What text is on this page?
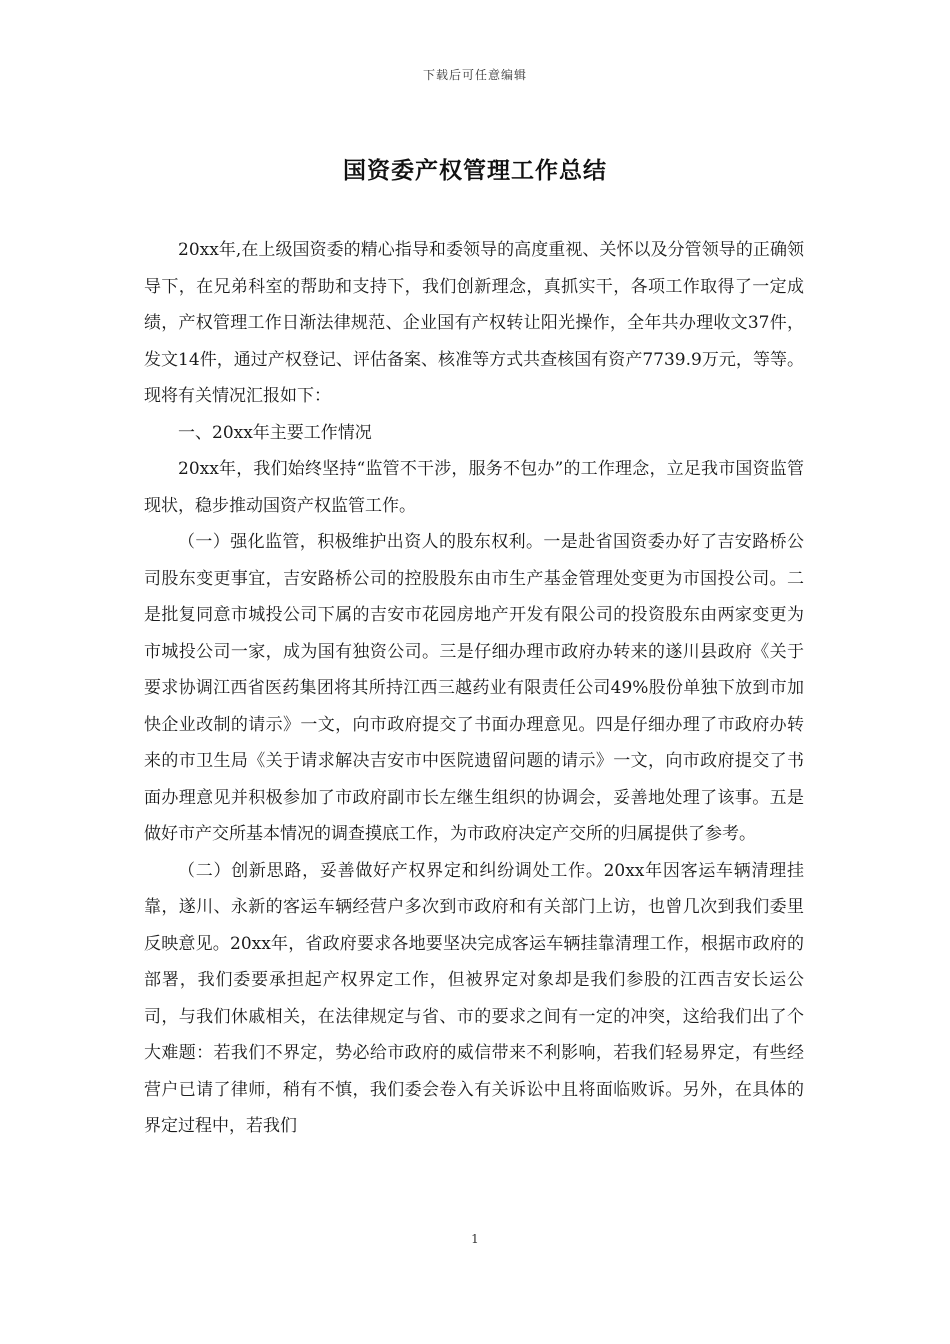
下载后可任意编辑
国资委产权管理工作总结

20xx年,在上级国资委的精心指导和委领导的高度重视、关怀以及分管领导的正确领导下，在兄弟科室的帮助和支持下，我们创新理念，真抓实干，各项工作取得了一定成绩，产权管理工作日渐法律规范、企业国有产权转让阳光操作，全年共办理收文37件，发文14件，通过产权登记、评估备案、核准等方式共查核国有资产7739.9万元，等等。现将有关情况汇报如下：

一、20xx年主要工作情况

20xx年，我们始终坚持“监管不干涉，服务不包办”的工作理念，立足我市国资监管现状，稳步推动国资产权监管工作。

（一）强化监管，积极维护出资人的股东权利。一是赴省国资委办好了吉安路桥公司股东变更事宜，吉安路桥公司的控股股东由市生产基金管理处变更为市国投公司。二是批复同意市城投公司下属的吉安市花园房地产开发有限公司的投资股东由两家变更为市城投公司一家，成为国有独资公司。三是仔细办理市政府办转来的遂川县政府《关于要求协调江西省医药集团将其所持江西三越药业有限责任公司49%股份单独下放到市加快企业改制的请示》一文，向市政府提交了书面办理意见。四是仔细办理了市政府办转来的市卫生局《关于请求解决吉安市中医院遗留问题的请示》一文，向市政府提交了书面办理意见并积极参加了市政府副市长左继生组织的协调会，妥善地处理了该事。五是做好市产交所基本情况的调查摸底工作，为市政府决定产交所的归属提供了参考。

（二）创新思路，妥善做好产权界定和纠纷调处工作。20xx年因客运车辆清理挂靠，遂川、永新的客运车辆经营户多次到市政府和有关部门上访，也曾几次到我们委里反映意见。20xx年，省政府要求各地要坚决完成客运车辆挂靠清理工作，根据市政府的部署，我们委要承担起产权界定工作，但被界定对象却是我们参股的江西吉安长运公司，与我们休戚相关，在法律规定与省、市的要求之间有一定的冲突，这给我们出了个大难题：若我们不界定，势必给市政府的威信带来不利影响，若我们轻易界定，有些经营户已请了律师，稍有不慎，我们委会卷入有关诉讼中且将面临败诉。另外，在具体的界定过程中，若我们

1
